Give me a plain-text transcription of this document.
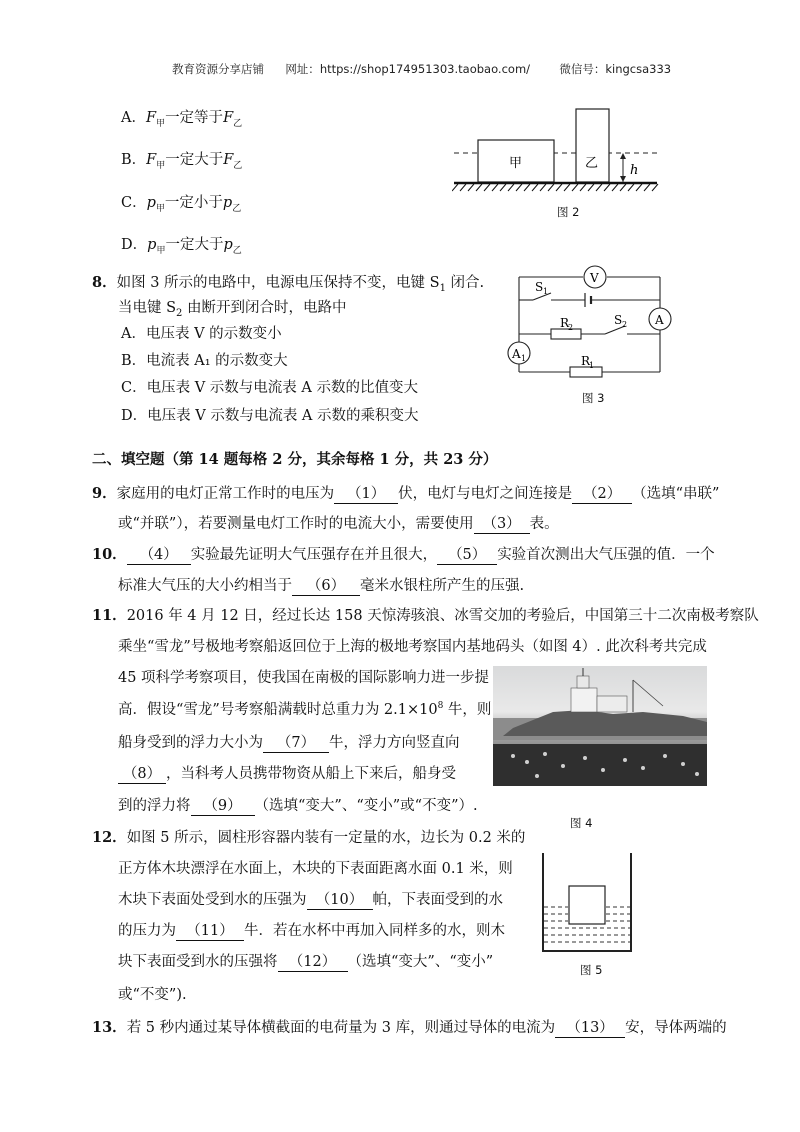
教育资源分享店铺 网址：https://shop174951303.taobao.com/	微信号：kingcsa333
A．$F_甲$一定等于$F_乙$
B．$F_甲$一定大于$F_乙$
C．$p_甲$一定小于$p_乙$
D．$p_甲$一定大于$p_乙$
甲	乙 h
图 2
8．如图 3 所示的电路中，电源电压保持不变，电键 $S_1$ 闭合.
当电键 $S_2$ 由断开到闭合时，电路中
A．电压表 V 的示数变小
B．电流表 A₁ 的示数变大
C．电压表 V 示数与电流表 A 示数的比值变大
D．电压表 V 示数与电流表 A 示数的乘积变大
V
A
A 1
S 1
R
2
S 2
R
1
图 3
二、填空题（第 14 题每格 2 分，其余每格 1 分，共 23 分）
9．家庭用的电灯正常工作时的电压为 （1） 伏，电灯与电灯之间连接是 （2） （选填“串联”
或“并联”），若要测量电灯工作时的电流大小，需要使用 （3） 表。
10． （4） 实验最先证明大气压强存在并且很大， （5） 实验首次测出大气压强的值．一个
标准大气压的大小约相当于 （6） 毫米水银柱所产生的压强.
11．2016 年 4 月 12 日，经过长达 158 天惊涛骇浪、冰雪交加的考验后，中国第三十二次南极考察队
乘坐“雪龙”号极地考察船返回位于上海的极地考察国内基地码头（如图 4）. 此次科考共完成
45 项科学考察项目，使我国在南极的国际影响力进一步提
高．假设“雪龙”号考察船满载时总重力为 $2.1\times 10^8$ 牛，则
船身受到的浮力大小为 （7） 牛，浮力方向竖直向
（8） ，当科考人员携带物资从船上下来后，船身受
到的浮力将 （9） （选填“变大”、“变小”或“不变”）.
图 4
12．如图 5 所示，圆柱形容器内装有一定量的水，边长为 0.2 米的
正方体木块漂浮在水面上，木块的下表面距离水面 0.1 米，则
木块下表面处受到水的压强为 （10） 帕，下表面受到的水
的压力为 （11） 牛．若在水杯中再加入同样多的水，则木
块下表面受到水的压强将 （12） （选填“变大”、“变小”
或“不变”).
图 5
13．若 5 秒内通过某导体横截面的电荷量为 3 库，则通过导体的电流为 （13） 安，导体两端的
